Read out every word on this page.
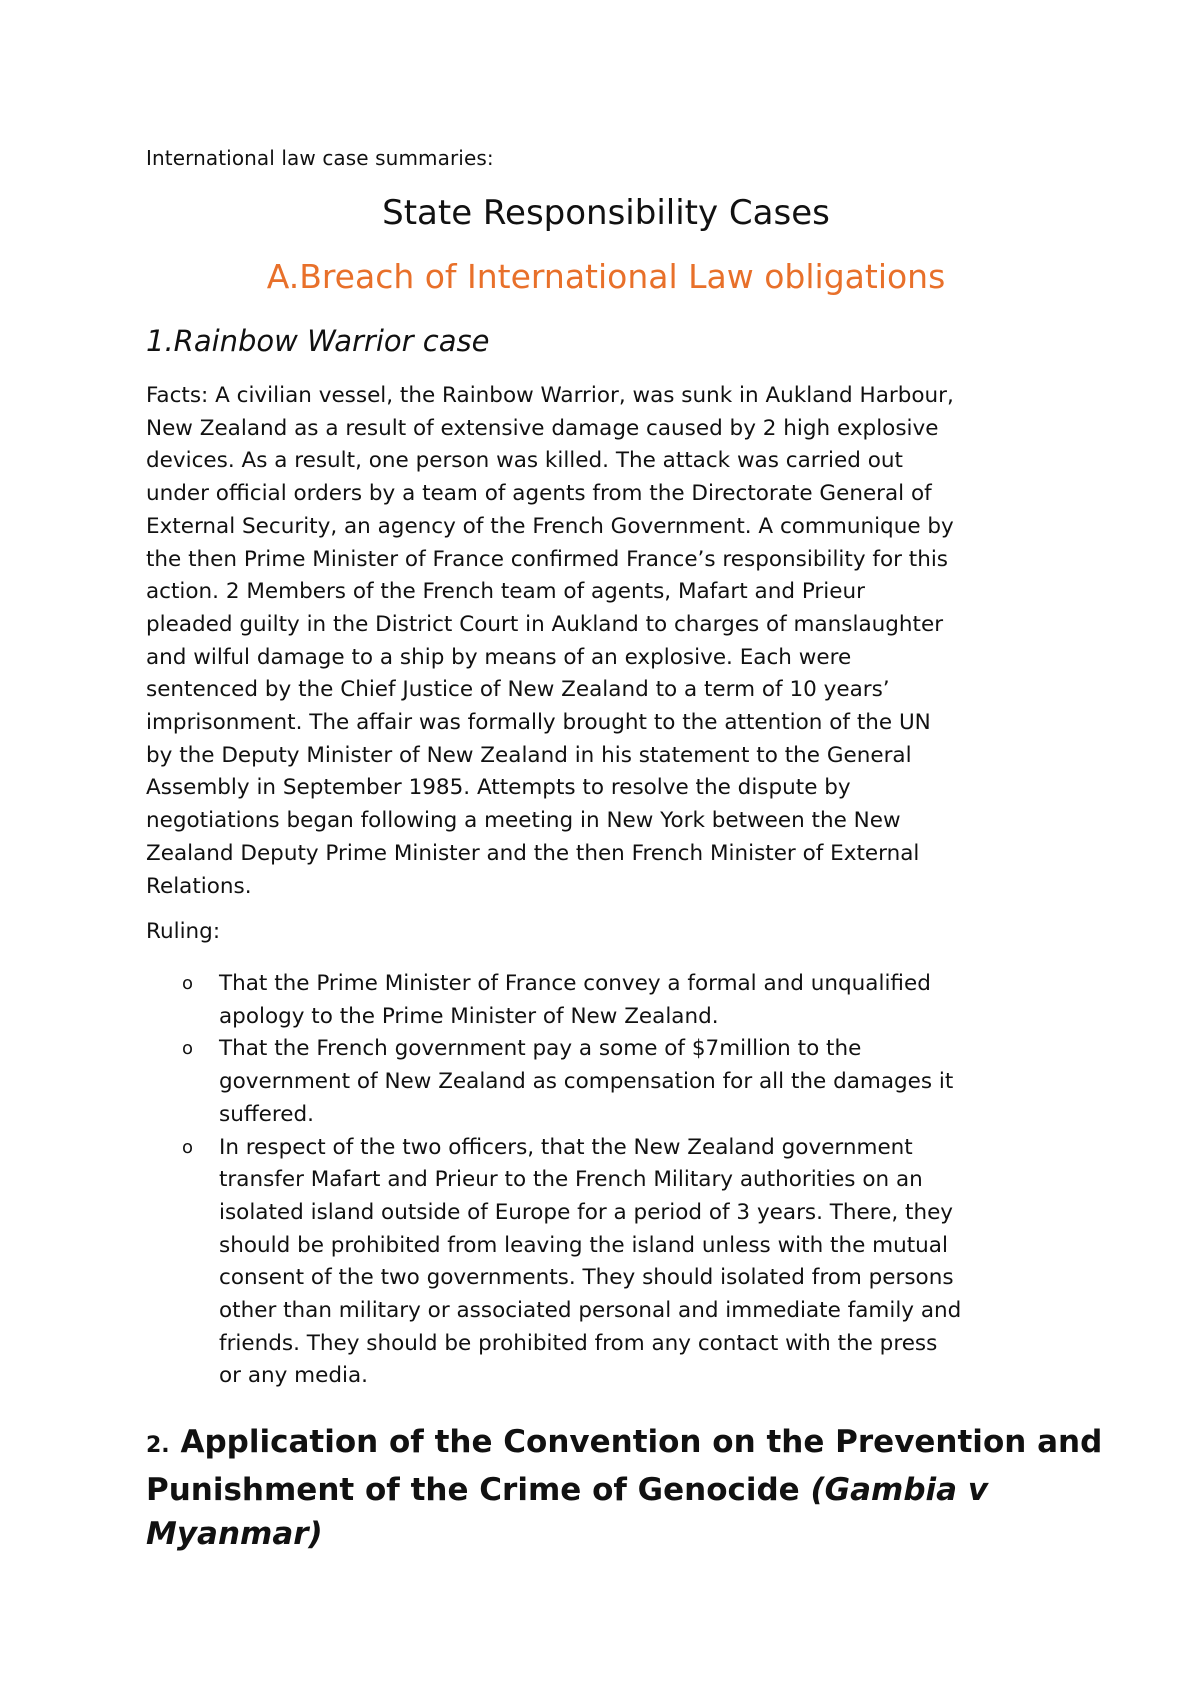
International law case summaries:
State Responsibility Cases
A.Breach of International Law obligations
1.Rainbow Warrior case

Facts: A civilian vessel, the Rainbow Warrior, was sunk in Aukland Harbour,
New Zealand as a result of extensive damage caused by 2 high explosive
devices. As a result, one person was killed. The attack was carried out
under official orders by a team of agents from the Directorate General of
External Security, an agency of the French Government. A communique by
the then Prime Minister of France confirmed France’s responsibility for this
action. 2 Members of the French team of agents, Mafart and Prieur
pleaded guilty in the District Court in Aukland to charges of manslaughter
and wilful damage to a ship by means of an explosive. Each were
sentenced by the Chief Justice of New Zealand to a term of 10 years’
imprisonment. The affair was formally brought to the attention of the UN
by the Deputy Minister of New Zealand in his statement to the General
Assembly in September 1985. Attempts to resolve the dispute by
negotiations began following a meeting in New York between the New
Zealand Deputy Prime Minister and the then French Minister of External
Relations.

Ruling:
o That the Prime Minister of France convey a formal and unqualified
apology to the Prime Minister of New Zealand.
o That the French government pay a some of $7million to the
government of New Zealand as compensation for all the damages it
suffered.
o In respect of the two officers, that the New Zealand government
transfer Mafart and Prieur to the French Military authorities on an
isolated island outside of Europe for a period of 3 years. There, they
should be prohibited from leaving the island unless with the mutual
consent of the two governments. They should isolated from persons
other than military or associated personal and immediate family and
friends. They should be prohibited from any contact with the press
or any media.
2. Application of the Convention on the Prevention and
Punishment of the Crime of Genocide (Gambia v
Myanmar)
